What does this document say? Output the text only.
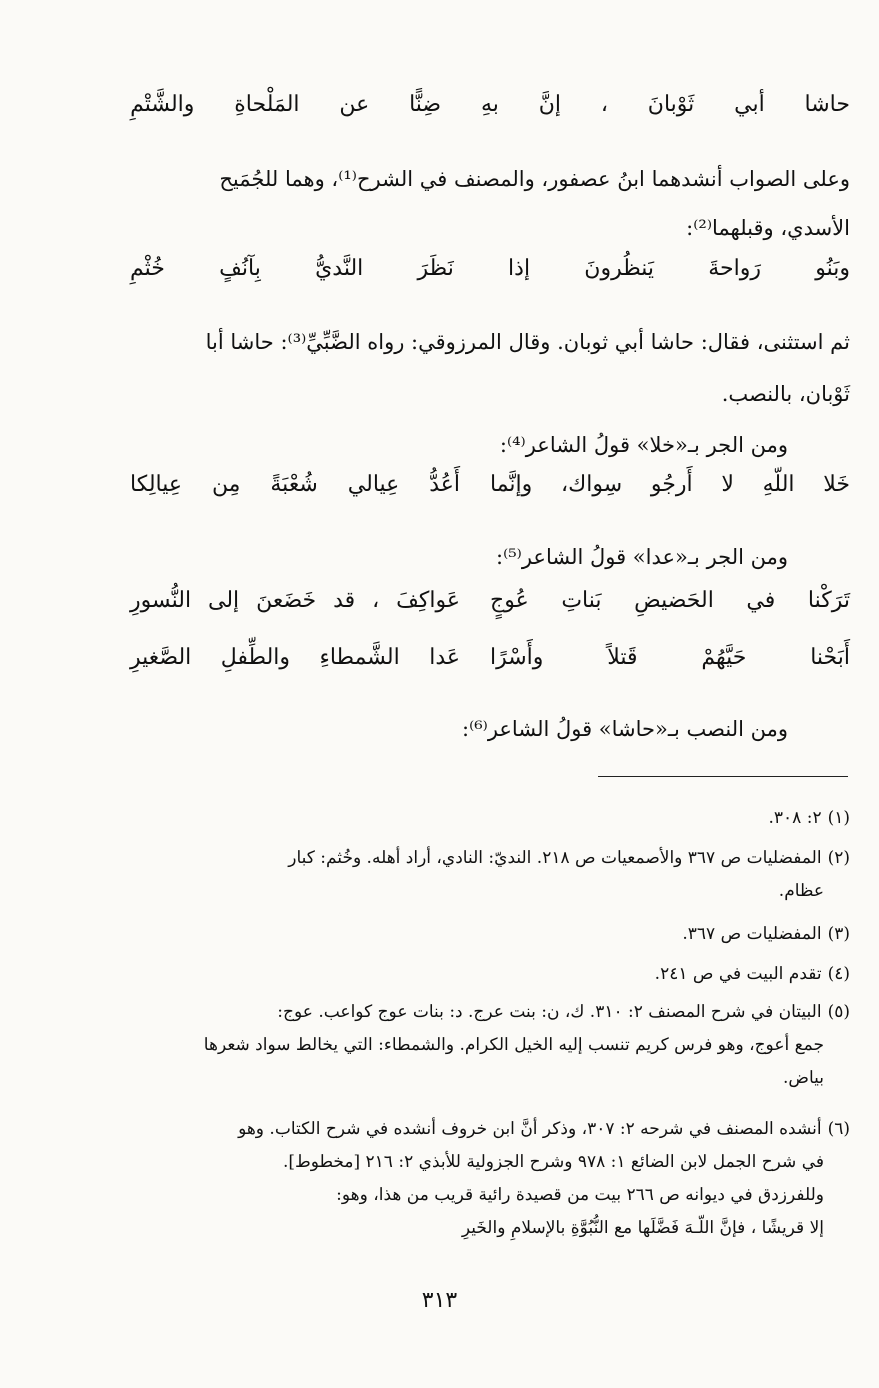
حاشا
أبي
ثَوْبانَ
،
إنَّ
بهِ
ضِنًّا
عن
المَلْحاةِ
والشَّتْمِ
وعلى الصواب أنشدهما ابنُ عصفور، والمصنف في الشرح⁽¹⁾، وهما للجُمَيح
الأسدي، وقبلهما⁽²⁾:
وبَنُو
رَواحةَ
يَنظُرونَ
إذا
نَظَرَ
النَّديُّ
بِآنُفٍ
خُثْمِ
ثم استثنى، فقال: حاشا أبي ثوبان. وقال المرزوقي: رواه الضَّبِّيِّ⁽³⁾: حاشا أبا
ثَوْبان، بالنصب.
ومن الجر بـ«خلا» قولُ الشاعر⁽⁴⁾:
خَلا اللّهِ لا أَرجُو سِواك، وإنَّما
أَعُدُّ عِيالي شُعْبَةً مِن عِيالِكا
ومن الجر بـ«عدا» قولُ الشاعر⁽⁵⁾:
تَرَكْنا في الحَضيضِ بَناتِ عُوجٍ
عَواكِفَ ، قد خَضَعنَ إلى النُّسورِ
أَبَحْنا حَيَّهُمْ قَتلاً وأَسْرًا
عَدا الشَّمطاءِ والطِّفلِ الصَّغيرِ
ومن النصب بـ«حاشا» قولُ الشاعر⁽⁶⁾:
(١)٢: ٣٠٨.
(٢)المفضليات ص ٣٦٧ والأصمعيات ص ٢١٨. النديّ: النادي، أراد أهله. وخُثم: كبار
عظام.
(٣)المفضليات ص ٣٦٧.
(٤)تقدم البيت في ص ٢٤١.
(٥)البيتان في شرح المصنف ٢: ٣١٠. ك، ن: بنت عرج. د: بنات عوج كواعب. عوج:
جمع أعوج، وهو فرس كريم تنسب إليه الخيل الكرام. والشمطاء: التي يخالط سواد شعرها
بياض.
(٦)أنشده المصنف في شرحه ٢: ٣٠٧، وذكر أنَّ ابن خروف أنشده في شرح الكتاب. وهو
في شرح الجمل لابن الضائع ١: ٩٧٨ وشرح الجزولية للأبذي ٢: ٢١٦ [مخطوط].
وللفرزدق في ديوانه ص ٢٦٦ بيت من قصيدة رائية قريب من هذا، وهو:
إلا قريشًا ، فإنَّ اللّـهَ فَضَّلَها مع النُّبُوَّةِ بالإسلامِ والخَيرِ
٣١٣
